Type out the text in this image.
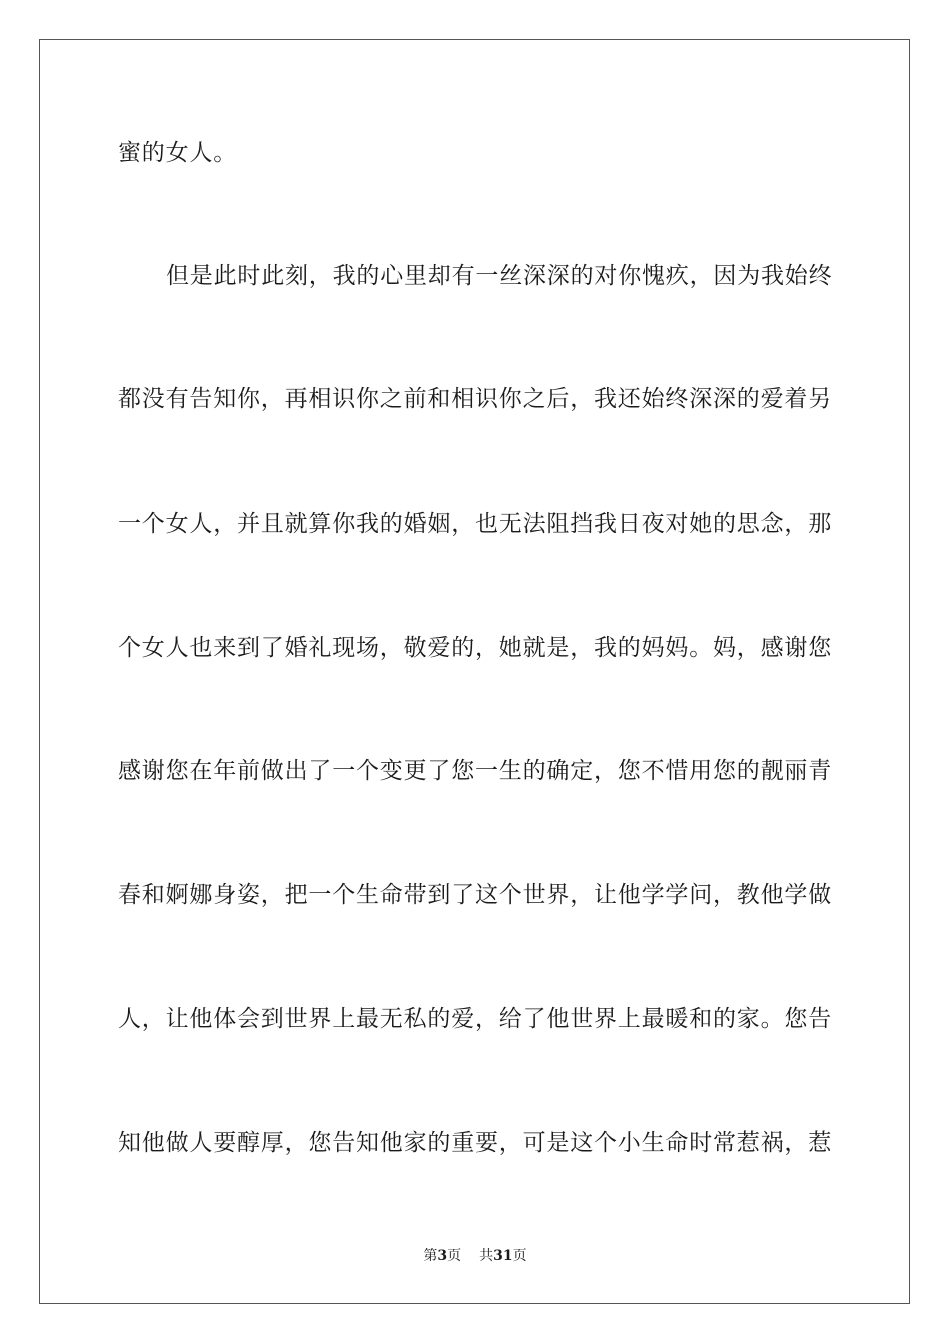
蜜的女人。
但是此时此刻，我的心里却有一丝深深的对你愧疚，因为我始终
都没有告知你，再相识你之前和相识你之后，我还始终深深的爱着另
一个女人，并且就算你我的婚姻，也无法阻挡我日夜对她的思念，那
个女人也来到了婚礼现场，敬爱的，她就是，我的妈妈。妈，感谢您
感谢您在年前做出了一个变更了您一生的确定，您不惜用您的靓丽青
春和婀娜身姿，把一个生命带到了这个世界，让他学学问，教他学做
人，让他体会到世界上最无私的爱，给了他世界上最暖和的家。您告
知他做人要醇厚，您告知他家的重要，可是这个小生命时常惹祸，惹
第3页 共31页
